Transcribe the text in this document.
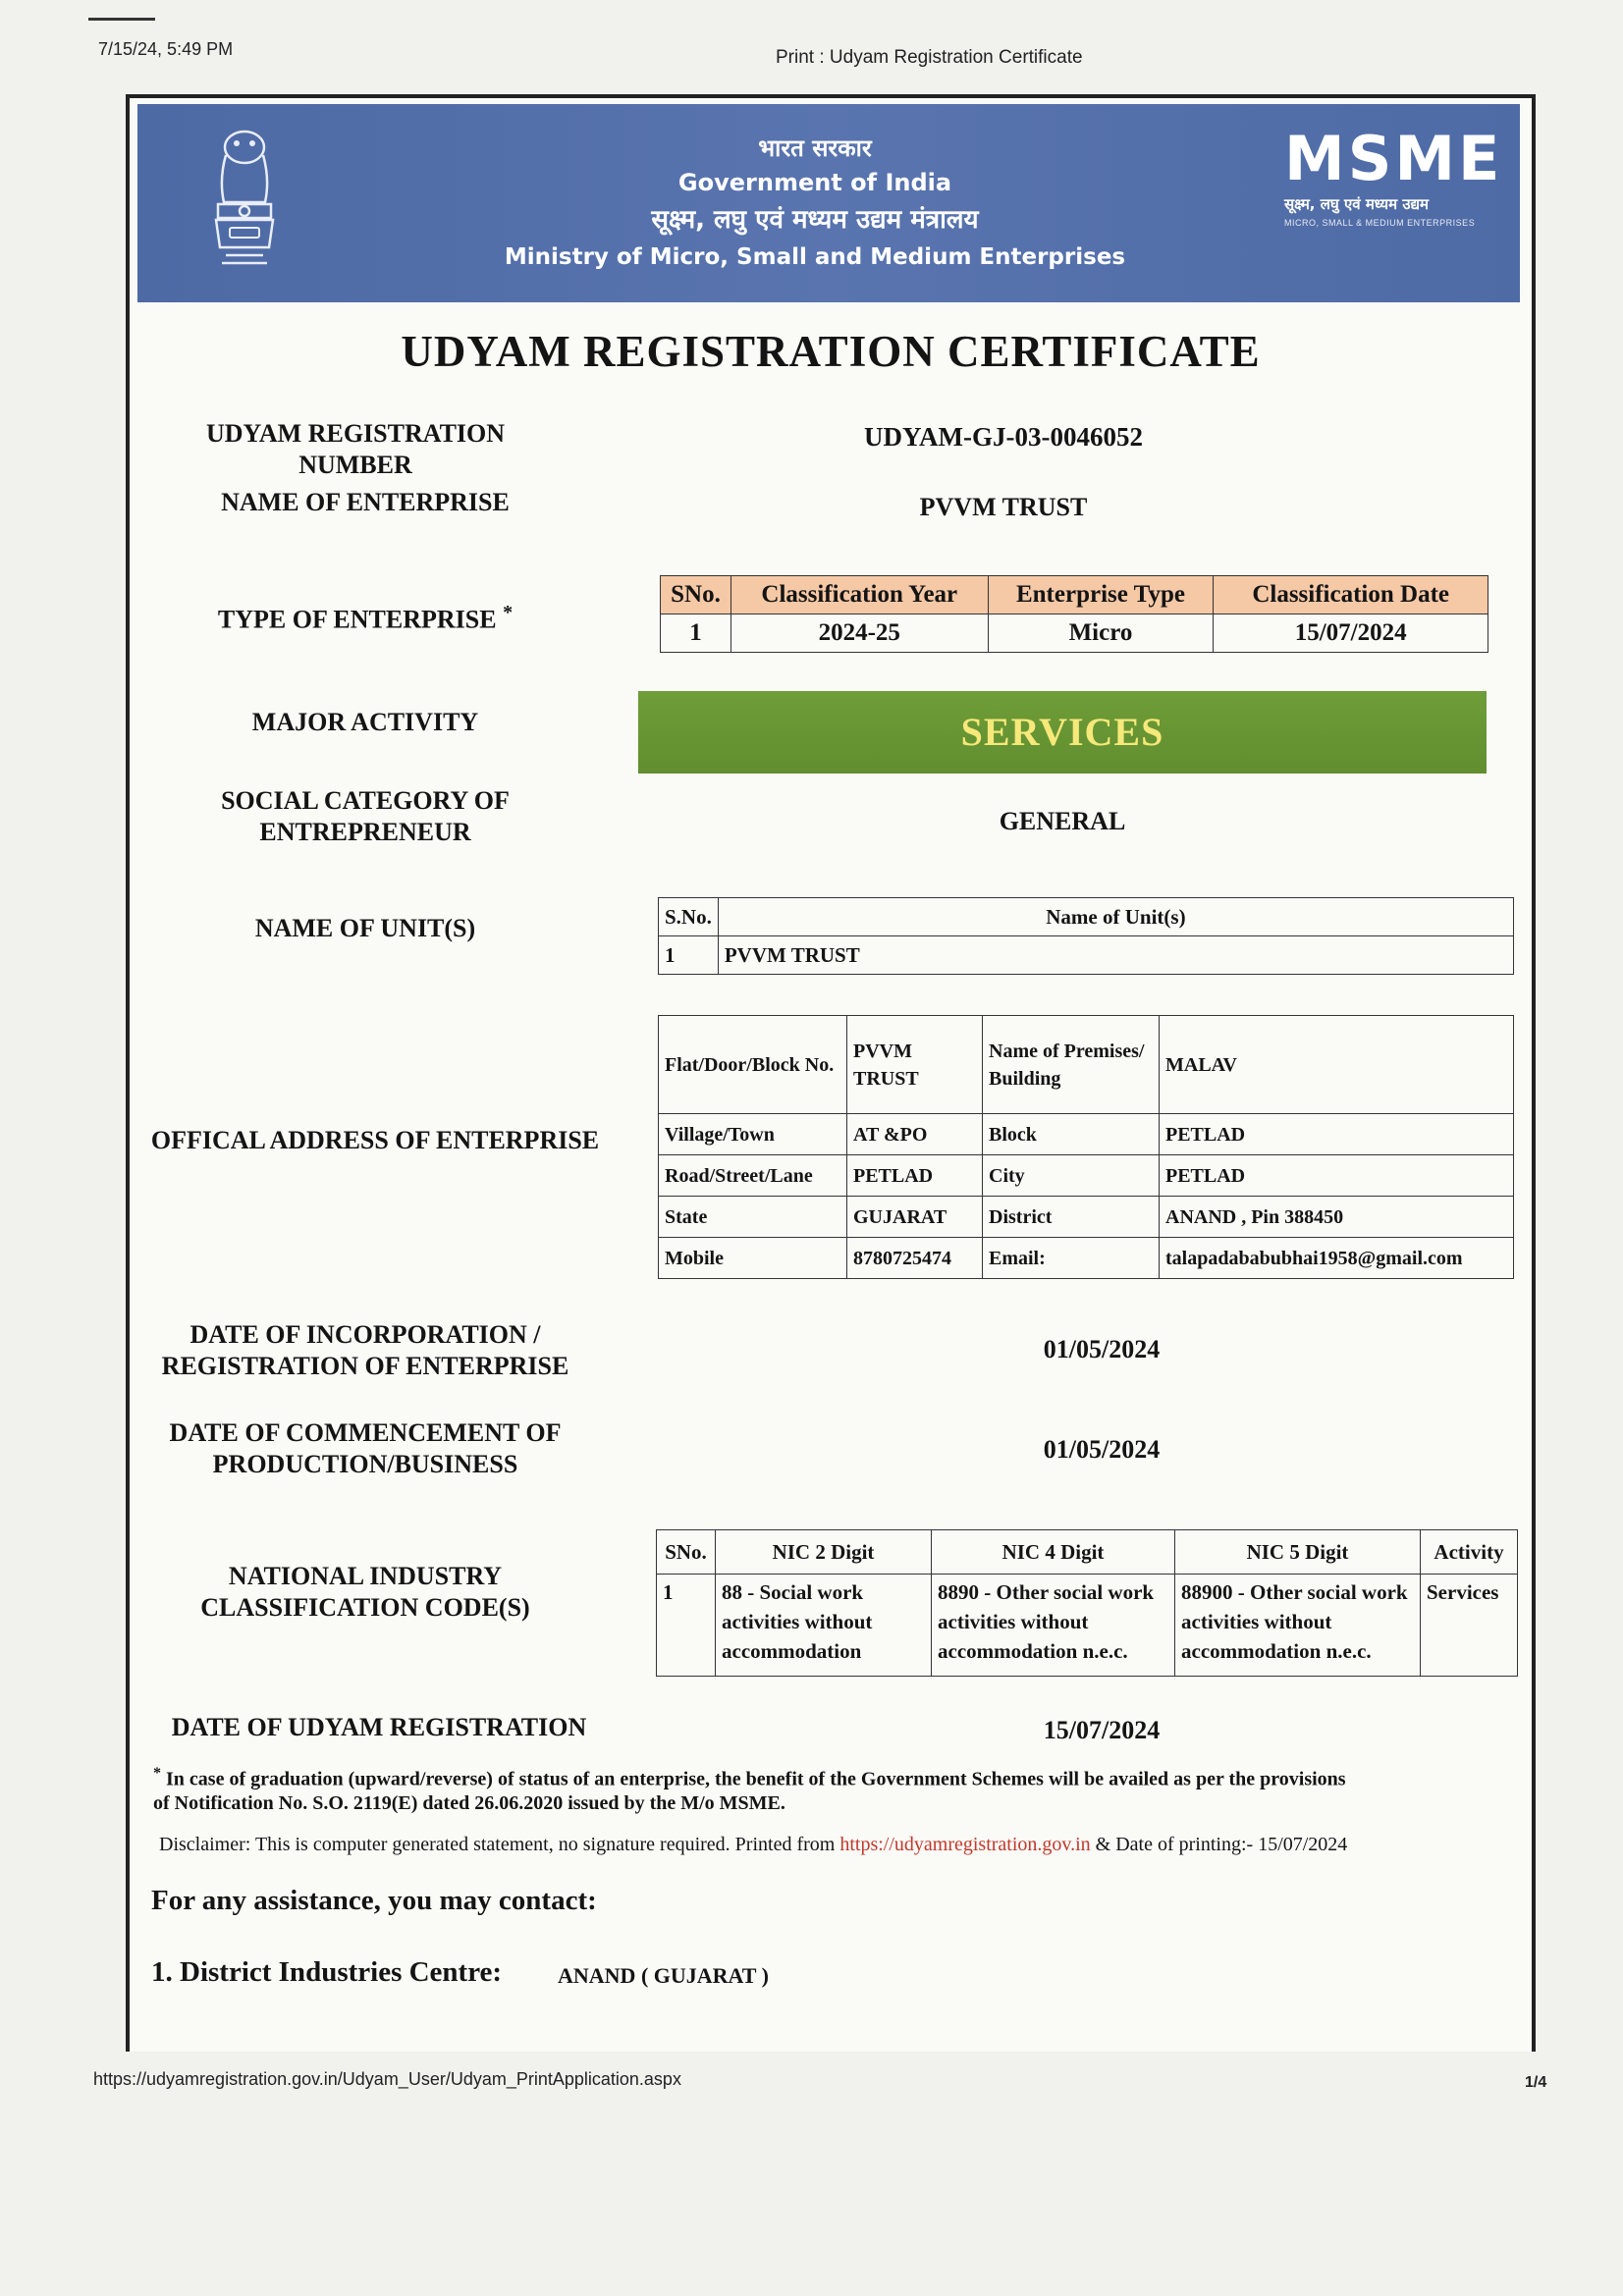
7/15/24, 5:49 PM	Print : Udyam Registration Certificate
भारत सरकार
Government of India
सूक्ष्म, लघु एवं मध्यम उद्यम मंत्रालय
Ministry of Micro, Small and Medium Enterprises
MSME
सूक्ष्म, लघु एवं मध्यम उद्यम
MICRO, SMALL & MEDIUM ENTERPRISES
UDYAM REGISTRATION CERTIFICATE
UDYAM REGISTRATION NUMBER
UDYAM-GJ-03-0046052
NAME OF ENTERPRISE	PVVM TRUST
TYPE OF ENTERPRISE *
SNo.	Classification Year	Enterprise Type	Classification Date
1	2024-25	Micro	15/07/2024
MAJOR ACTIVITY	SERVICES
SOCIAL CATEGORY OF
ENTREPRENEUR	GENERAL
NAME OF UNIT(S)	S.No.	Name of Unit(s)
1	PVVM TRUST
OFFICAL ADDRESS OF ENTERPRISE
Flat/Door/Block No.	PVVM TRUST	Name of Premises/ Building	MALAV
Village/Town	AT &PO	Block	PETLAD
Road/Street/Lane	PETLAD	City	PETLAD
State	GUJARAT	District	ANAND , Pin 388450
Mobile	8780725474	Email:	talapadababubhai1958@gmail.com
DATE OF INCORPORATION /
REGISTRATION OF ENTERPRISE
01/05/2024
DATE OF COMMENCEMENT OF
PRODUCTION/BUSINESS
01/05/2024
NATIONAL INDUSTRY
CLASSIFICATION CODE(S)
SNo.	NIC 2 Digit	NIC 4 Digit	NIC 5 Digit	Activity
1	88 - Social work activities without accommodation	8890 - Other social work activities without accommodation n.e.c.	88900 - Other social work activities without accommodation n.e.c.	Services
DATE OF UDYAM REGISTRATION	15/07/2024
* In case of graduation (upward/reverse) of status of an enterprise, the benefit of the Government Schemes will be availed as per the provisions
of Notification No. S.O. 2119(E) dated 26.06.2020 issued by the M/o MSME.
Disclaimer: This is computer generated statement, no signature required. Printed from https://udyamregistration.gov.in & Date of printing:- 15/07/2024
For any assistance, you may contact:
1. District Industries Centre:	ANAND ( GUJARAT )
https://udyamregistration.gov.in/Udyam_User/Udyam_PrintApplication.aspx	1/4
